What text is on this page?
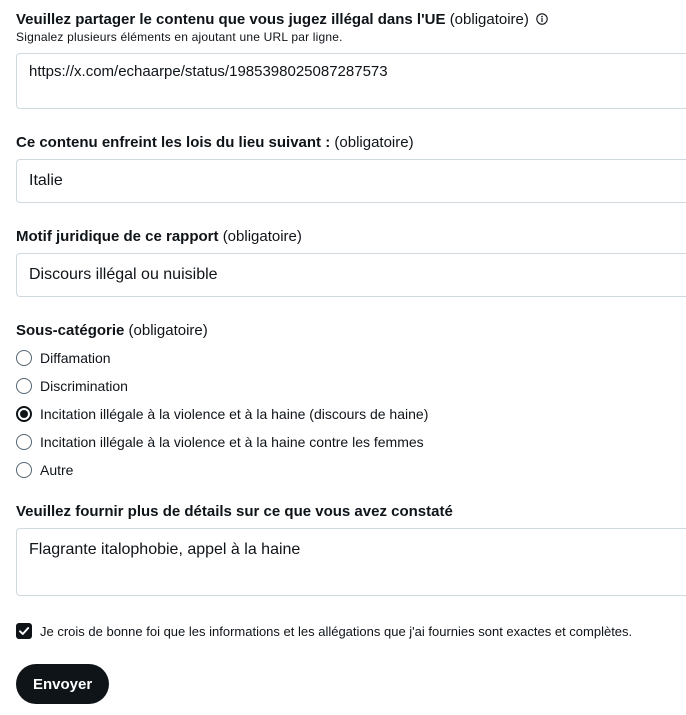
Veuillez partager le contenu que vous jugez illégal dans l'UE (obligatoire)
Signalez plusieurs éléments en ajoutant une URL par ligne.
https://x.com/echaarpe/status/1985398025087287573
Ce contenu enfreint les lois du lieu suivant : (obligatoire)
Italie
Motif juridique de ce rapport (obligatoire)
Discours illégal ou nuisible
Sous-catégorie (obligatoire)
Diffamation
Discrimination
Incitation illégale à la violence et à la haine (discours de haine)
Incitation illégale à la violence et à la haine contre les femmes
Autre
Veuillez fournir plus de détails sur ce que vous avez constaté
Flagrante italophobie, appel à la haine
Je crois de bonne foi que les informations et les allégations que j'ai fournies sont exactes et complètes.
Envoyer
